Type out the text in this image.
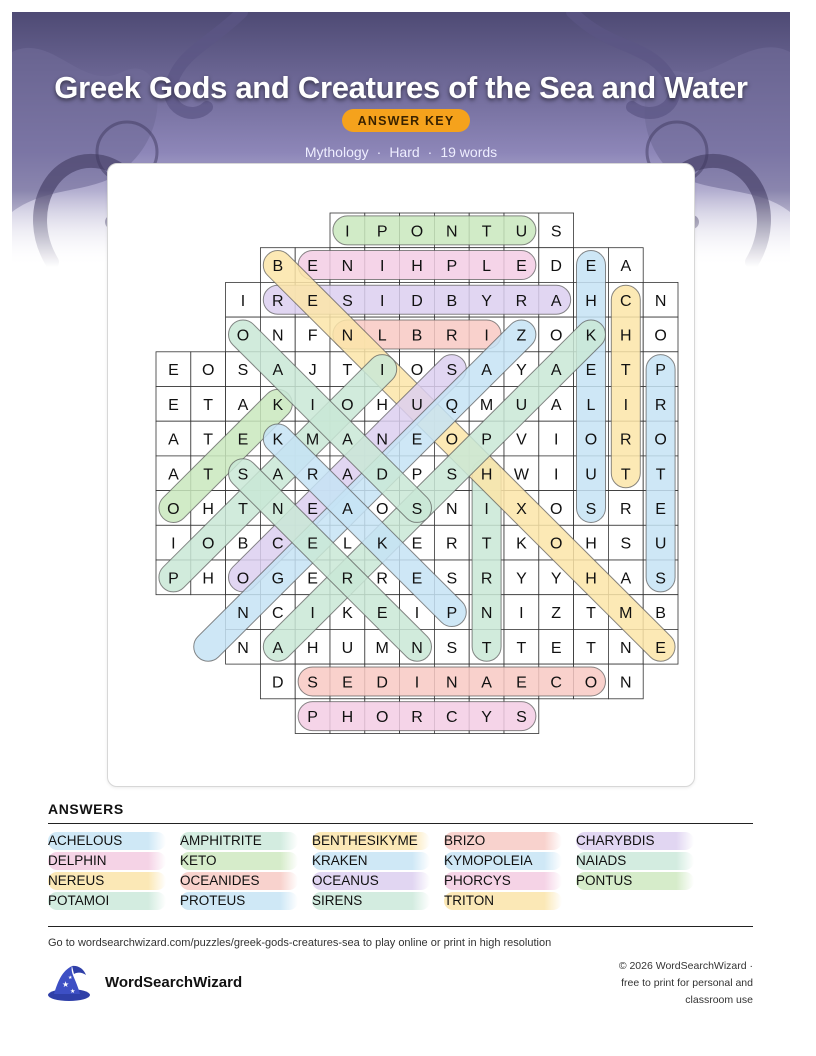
Greek Gods and Creatures of the Sea and Water
ANSWER KEY
Mythology · Hard · 19 words
I P O N T U S
B E N I H P L E D E A
I R E S I D B Y R A H C N
O N F N L B R I Z O K H O
E O S A J T I O S A Y A E T P
E T A K I O H U Q M U A L I R
A T E K M A N E O P V I O R O
A T S A R A D P S H W I U T T
O H T N E A O S N I X O S R E
I O B C E L K E R T K O H S U
P H O G E R R E S R Y Y H A S
N C I K E I P N I Z T M B
N A H U M N S T T E T N E
D S E D I N A E C O N
P H O R C Y S
ANSWERS
ACHELOUS
DELPHIN
NEREUS
POTAMOI
AMPHITRITE
KETO
OCEANIDES
PROTEUS
BENTHESIKYME
KRAKEN
OCEANUS
SIRENS
BRIZO
KYMOPOLEIA
PHORCYS
TRITON
CHARYBDIS
NAIADS
PONTUS
Go to wordsearchwizard.com/puzzles/greek-gods-creatures-sea to play online or print in high resolution
★
★
★ WordSearchWizard
© 2026 WordSearchWizard ·
free to print for personal and
classroom use
